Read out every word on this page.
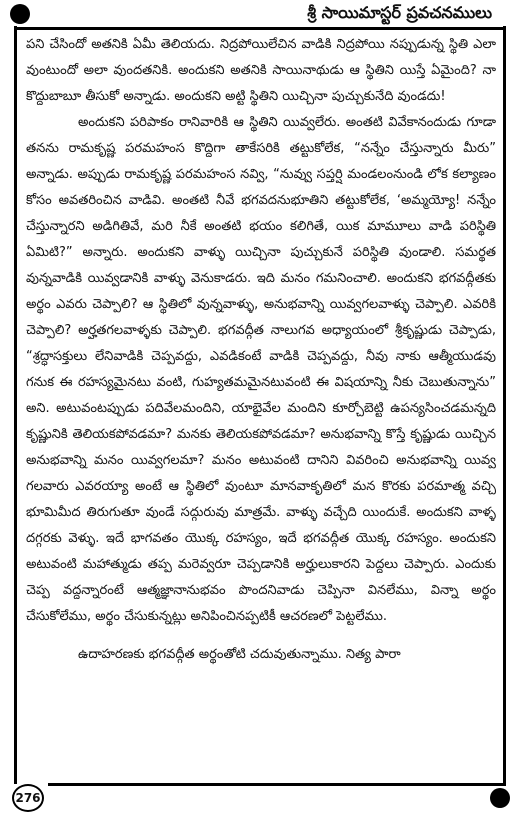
శ్రీ సాయిమాస్టర్ ప్రవచనములు

పని చేసిందో అతనికి ఏమీ తెలియదు. నిద్రపోయిలేచిన వాడికి నిద్రపోయి నప్పుడున్న స్థితి ఎలా వుంటుందో అలా వుందతనికి. అందుకని అతనికి సాయినాథుడు ఆ స్థితిని యిస్తే ఏమైంది? నా కొద్దుబాబూ తీసుకో అన్నాడు. అందుకని అట్టి స్థితిని యిచ్చినా పుచ్చుకునేది వుండదు!

అందుకని పరిపాకం రానివారికి ఆ స్థితిని యివ్వలేరు. అంతటి వివేకానందుడు గూడా తనను రామకృష్ణ పరమహంస కొద్దిగా తాకేసరికి తట్టుకోలేక, “నన్నేం చేస్తున్నారు మీరు” అన్నాడు. అప్పుడు రామకృష్ణ పరమహంస నవ్వి, “నువ్వు సప్తర్షి మండలంనుండి లోక కల్యాణం కోసం అవతరించిన వాడివి. అంతటి నీవే భగవదనుభూతిని తట్టుకోలేక, ‘అమ్మయ్యో! నన్నేం చేస్తున్నారని అడిగితివే, మరి నీకే అంతటి భయం కలిగితే, యిక మామూలు వాడి పరిస్థితి ఏమిటి?” అన్నారు. అందుకని వాళ్ళు యిచ్చినా పుచ్చుకునే పరిస్థితి వుండాలి. సమర్థత వున్నవాడికి యివ్వడానికి వాళ్ళు వెనుకాడరు. ఇది మనం గమనించాలి. అందుకని భగవద్గీతకు అర్థం ఎవరు చెప్పాలి? ఆ స్థితిలో వున్నవాళ్ళు, అనుభవాన్ని యివ్వగలవాళ్ళు చెప్పాలి. ఎవరికి చెప్పాలి? అర్హతగలవాళ్ళకు చెప్పాలి. భగవద్గీత నాలుగవ అధ్యాయంలో శ్రీకృష్ణుడు చెప్పాడు, “శ్రద్ధాసక్తులు లేనివాడికి చెప్పవద్దు, ఎవడికంటే వాడికి చెప్పవద్దు, నీవు నాకు ఆత్మీయుడవు గనుక ఈ రహస్యమైనటు వంటి, గుహ్యతమమైనటువంటి ఈ విషయాన్ని నీకు చెబుతున్నాను” అని. అటువంటప్పుడు పదివేలమందిని, యాభైవేల మందిని కూర్చోబెట్టి ఉపన్యసించడమన్నది కృష్ణునికి తెలియకపోవడమా? మనకు తెలియకపోవడమా? అనుభవాన్ని కొస్తే కృష్ణుడు యిచ్చిన అనుభవాన్ని మనం యివ్వగలమా? మనం అటువంటి దానిని వివరించి అనుభవాన్ని యివ్వ గలవారు ఎవరయ్యా అంటే ఆ స్థితిలో వుంటూ మానవాకృతిలో మన కొరకు పరమాత్మ వచ్చి భూమిమీద తిరుగుతూ వుండే సద్గురువు మాత్రమే. వాళ్ళు వచ్చేది యిందుకే. అందుకని వాళ్ళ దగ్గరకు వెళ్ళు. ఇదే భాగవతం యొక్క రహస్యం, ఇదే భగవద్గీత యొక్క రహస్యం. అందుకని అటువంటి మహాత్ముడు తప్ప మరెవ్వరూ చెప్పడానికి అర్హులుకారని పెద్దలు చెప్పారు. ఎందుకు చెప్ప వద్దన్నారంటే ఆత్మజ్ఞానానుభవం పొందనివాడు చెప్పినా వినలేము, విన్నా అర్థం చేసుకోలేము, అర్థం చేసుకున్నట్లు అనిపించినప్పటికీ ఆచరణలో పెట్టలేము.

ఉదాహరణకు భగవద్గీత అర్థంతోటి చదువుతున్నాము. నిత్య పారా

276
